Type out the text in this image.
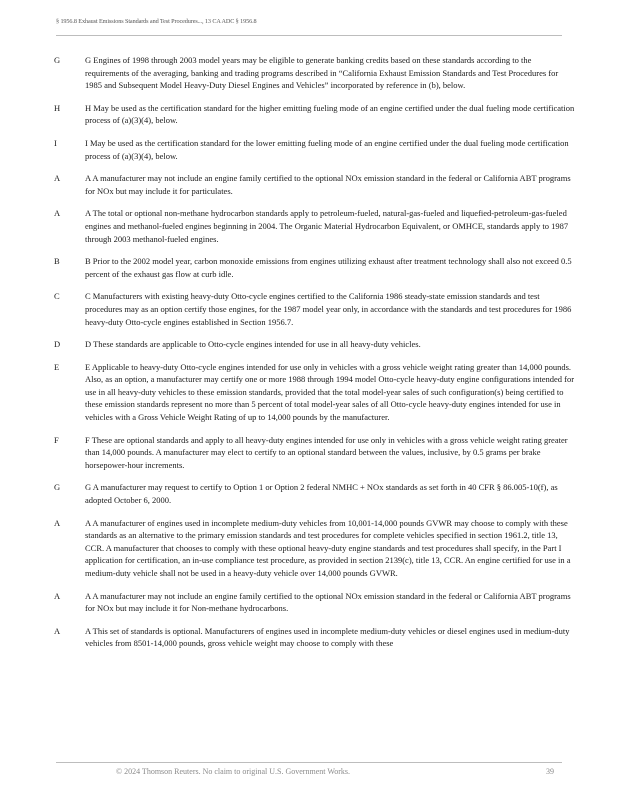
§ 1956.8 Exhaust Emissions Standards and Test Procedures..., 13 CA ADC § 1956.8
G	G Engines of 1998 through 2003 model years may be eligible to generate banking credits based on these standards according to the requirements of the averaging, banking and trading programs described in “California Exhaust Emission Standards and Test Procedures for 1985 and Subsequent Model Heavy-Duty Diesel Engines and Vehicles” incorporated by reference in (b), below.
H	H May be used as the certification standard for the higher emitting fueling mode of an engine certified under the dual fueling mode certification process of (a)(3)(4), below.
I	I May be used as the certification standard for the lower emitting fueling mode of an engine certified under the dual fueling mode certification process of (a)(3)(4), below.
A	A A manufacturer may not include an engine family certified to the optional NOx emission standard in the federal or California ABT programs for NOx but may include it for particulates.
A	A The total or optional non-methane hydrocarbon standards apply to petroleum-fueled, natural-gas-fueled and liquefied-petroleum-gas-fueled engines and methanol-fueled engines beginning in 2004. The Organic Material Hydrocarbon Equivalent, or OMHCE, standards apply to 1987 through 2003 methanol-fueled engines.
B	B Prior to the 2002 model year, carbon monoxide emissions from engines utilizing exhaust after treatment technology shall also not exceed 0.5 percent of the exhaust gas flow at curb idle.
C	C Manufacturers with existing heavy-duty Otto-cycle engines certified to the California 1986 steady-state emission standards and test procedures may as an option certify those engines, for the 1987 model year only, in accordance with the standards and test procedures for 1986 heavy-duty Otto-cycle engines established in Section 1956.7.
D	D These standards are applicable to Otto-cycle engines intended for use in all heavy-duty vehicles.
E	E Applicable to heavy-duty Otto-cycle engines intended for use only in vehicles with a gross vehicle weight rating greater than 14,000 pounds. Also, as an option, a manufacturer may certify one or more 1988 through 1994 model Otto-cycle heavy-duty engine configurations intended for use in all heavy-duty vehicles to these emission standards, provided that the total model-year sales of such configuration(s) being certified to these emission standards represent no more than 5 percent of total model-year sales of all Otto-cycle heavy-duty engines intended for use in vehicles with a Gross Vehicle Weight Rating of up to 14,000 pounds by the manufacturer.
F	F These are optional standards and apply to all heavy-duty engines intended for use only in vehicles with a gross vehicle weight rating greater than 14,000 pounds. A manufacturer may elect to certify to an optional standard between the values, inclusive, by 0.5 grams per brake horsepower-hour increments.
G	G A manufacturer may request to certify to Option 1 or Option 2 federal NMHC + NOx standards as set forth in 40 CFR § 86.005-10(f), as adopted October 6, 2000.
A	A A manufacturer of engines used in incomplete medium-duty vehicles from 10,001-14,000 pounds GVWR may choose to comply with these standards as an alternative to the primary emission standards and test procedures for complete vehicles specified in section 1961.2, title 13, CCR. A manufacturer that chooses to comply with these optional heavy-duty engine standards and test procedures shall specify, in the Part I application for certification, an in-use compliance test procedure, as provided in section 2139(c), title 13, CCR. An engine certified for use in a medium-duty vehicle shall not be used in a heavy-duty vehicle over 14,000 pounds GVWR.
A	A A manufacturer may not include an engine family certified to the optional NOx emission standard in the federal or California ABT programs for NOx but may include it for Non-methane hydrocarbons.
A	A This set of standards is optional. Manufacturers of engines used in incomplete medium-duty vehicles or diesel engines used in medium-duty vehicles from 8501-14,000 pounds, gross vehicle weight may choose to comply with these
© 2024 Thomson Reuters. No claim to original U.S. Government Works.	39
